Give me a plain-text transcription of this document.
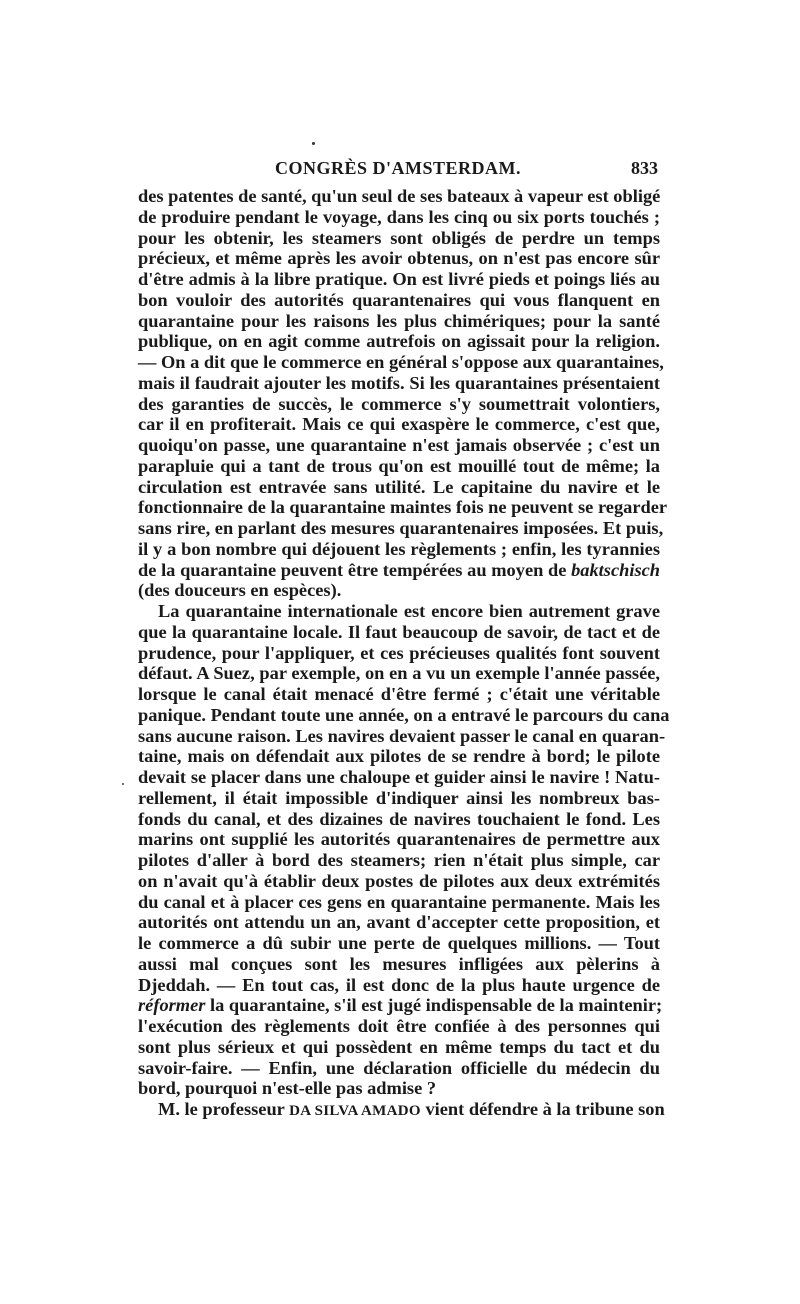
CONGRÈS D'AMSTERDAM.	833
des patentes de santé, qu'un seul de ses bateaux à vapeur est obligé
de produire pendant le voyage, dans les cinq ou six ports touchés ;
pour les obtenir, les steamers sont obligés de perdre un temps
précieux, et même après les avoir obtenus, on n'est pas encore sûr
d'être admis à la libre pratique. On est livré pieds et poings liés au
bon vouloir des autorités quarantenaires qui vous flanquent en
quarantaine pour les raisons les plus chimériques; pour la santé
publique, on en agit comme autrefois on agissait pour la religion.
— On a dit que le commerce en général s'oppose aux quarantaines,
mais il faudrait ajouter les motifs. Si les quarantaines présentaient
des garanties de succès, le commerce s'y soumettrait volontiers,
car il en profiterait. Mais ce qui exaspère le commerce, c'est que,
quoiqu'on passe, une quarantaine n'est jamais observée ; c'est un
parapluie qui a tant de trous qu'on est mouillé tout de même; la
circulation est entravée sans utilité. Le capitaine du navire et le
fonctionnaire de la quarantaine maintes fois ne peuvent se regarder
sans rire, en parlant des mesures quarantenaires imposées. Et puis,
il y a bon nombre qui déjouent les règlements ; enfin, les tyrannies
de la quarantaine peuvent être tempérées au moyen de baktschisch
(des douceurs en espèces).
La quarantaine internationale est encore bien autrement grave
que la quarantaine locale. Il faut beaucoup de savoir, de tact et de
prudence, pour l'appliquer, et ces précieuses qualités font souvent
défaut. A Suez, par exemple, on en a vu un exemple l'année passée,
lorsque le canal était menacé d'être fermé ; c'était une véritable
panique. Pendant toute une année, on a entravé le parcours du cana
sans aucune raison. Les navires devaient passer le canal en quaran-
taine, mais on défendait aux pilotes de se rendre à bord; le pilote
devait se placer dans une chaloupe et guider ainsi le navire ! Natu-
rellement, il était impossible d'indiquer ainsi les nombreux bas-
fonds du canal, et des dizaines de navires touchaient le fond. Les
marins ont supplié les autorités quarantenaires de permettre aux
pilotes d'aller à bord des steamers; rien n'était plus simple, car
on n'avait qu'à établir deux postes de pilotes aux deux extrémités
du canal et à placer ces gens en quarantaine permanente. Mais les
autorités ont attendu un an, avant d'accepter cette proposition, et
le commerce a dû subir une perte de quelques millions. — Tout
aussi mal conçues sont les mesures infligées aux pèlerins à
Djeddah. — En tout cas, il est donc de la plus haute urgence de
réformer la quarantaine, s'il est jugé indispensable de la maintenir;
l'exécution des règlements doit être confiée à des personnes qui
sont plus sérieux et qui possèdent en même temps du tact et du
savoir-faire. — Enfin, une déclaration officielle du médecin du
bord, pourquoi n'est-elle pas admise ?
M. le professeur DA SILVA AMADO vient défendre à la tribune son
